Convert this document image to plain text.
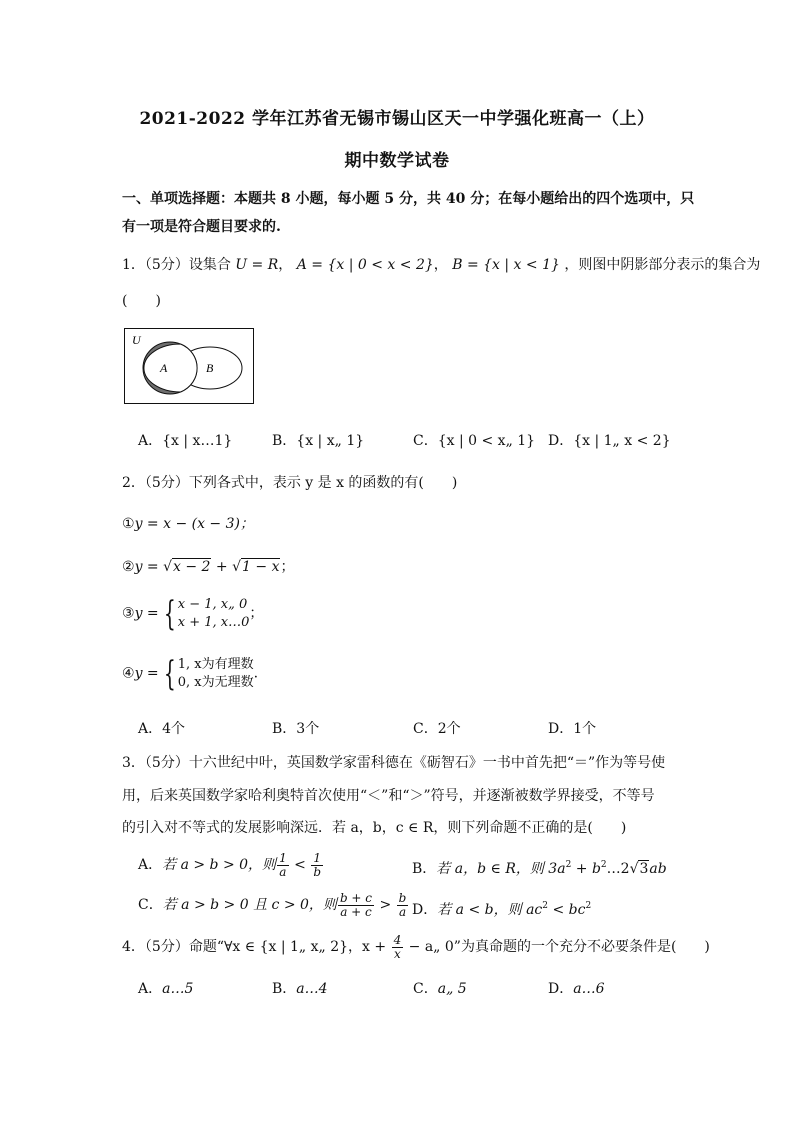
2021-2022 学年江苏省无锡市锡山区天一中学强化班高一（上）
期中数学试卷
一、单项选择题：本题共 8 小题，每小题 5 分，共 40 分；在每小题给出的四个选项中，只
有一项是符合题目要求的.
1．（5分）设集合 U = R， A = {x | 0 < x < 2}， B = {x | x < 1} ，则图中阴影部分表示的集合为
(　　)
U
A	B
A．{x | x…1}	B．{x | x„ 1}	C．{x | 0 < x„ 1} D．{x | 1„ x < 2}
2．（5分）下列各式中，表示 y 是 x 的函数的有(　　)
①y = x − (x − 3)；
②y = √x − 2 + √1 − x；
③y = { x − 1, x„ 0
x + 1, x…0
；
④y = { 1, x为有理数
0, x为无理数
.
A．4个	B．3个	C．2个	D．1个
3．（5分）十六世纪中叶，英国数学家雷科德在《砺智石》一书中首先把“＝”作为等号使
用，后来英国数学家哈利奥特首次使用“＜”和“＞”符号，并逐渐被数学界接受，不等号
的引入对不等式的发展影响深远．若 a，b，c ∈ R，则下列命题不正确的是(　　)
A．若 a > b > 0，则 $\frac{1}{a} < \frac{1}{b}$	B．若 a，b ∈ R，则 $3a^2$ + $b^2\dots 2√3ab$
C．若 a > b > 0 且 c > 0，则 $\frac{b + c}{a + c} > \frac{b}{a}$ D．若 a < b，则 $ac^2 < bc^2$
4．（5分）命题“∀x ∈ {x | 1„ x„ 2}，$x + \frac{4}{x}$ − a„ 0”为真命题的一个充分不必要条件是(　　)
A．a…5	B．a…4	C．a„ 5	D．a…6
